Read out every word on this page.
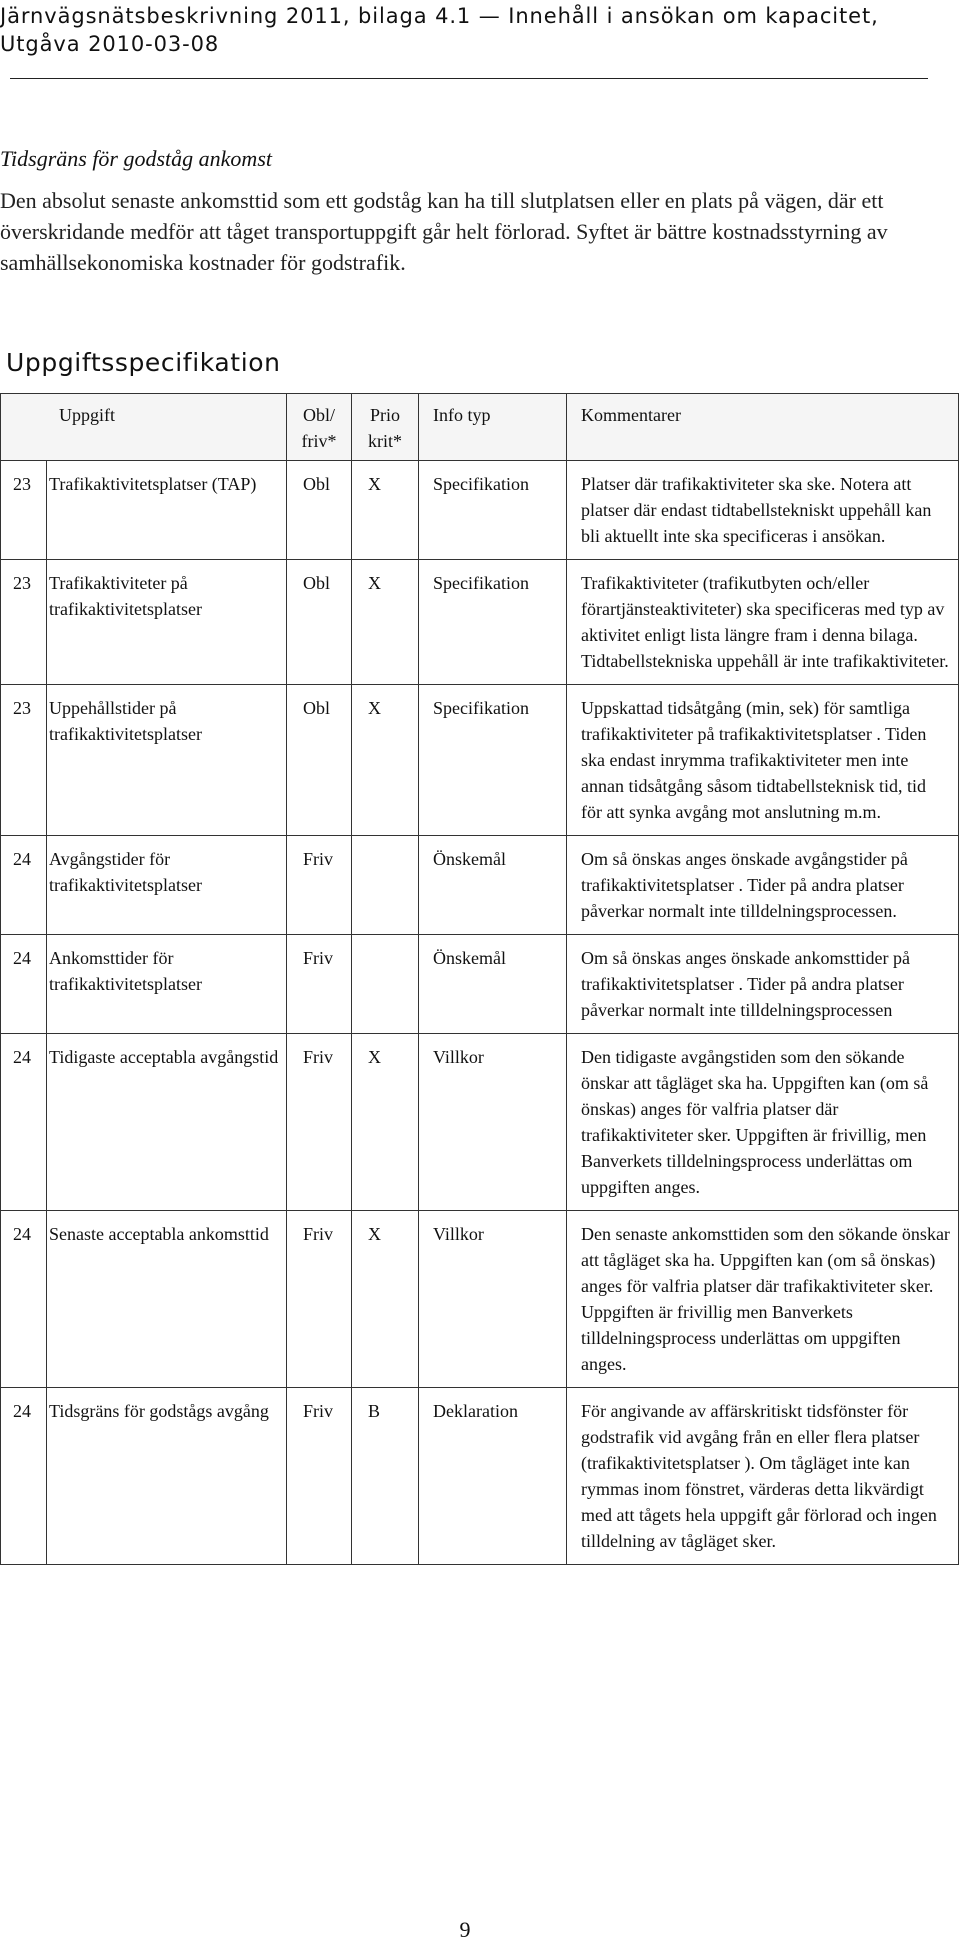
Järnvägsnätsbeskrivning 2011, bilaga 4.1 — Innehåll i ansökan om kapacitet,
Utgåva 2010-03-08
Tidsgräns för godståg ankomst
Den absolut senaste ankomsttid som ett godståg kan ha till slutplatsen eller en plats på vägen, där ett överskridande medför att tåget transportuppgift går helt förlorad. Syftet är bättre kostnadsstyrning av samhällsekonomiska kostnader för godstrafik.
Uppgiftsspecifikation
Uppgift		Obl/ friv*	Prio krit*	Info typ	Kommentarer
23	Trafikaktivitetsplatser (TAP)	Obl	X	Specifikation	Platser där trafikaktiviteter ska ske. Notera att platser där endast tidtabellstekniskt uppehåll kan bli aktuellt inte ska specificeras i ansökan.
23	Trafikaktiviteter på trafikaktivitetsplatser	Obl	X	Specifikation	Trafikaktiviteter (trafikutbyten och/eller förartjänsteaktiviteter) ska specificeras med typ av aktivitet enligt lista längre fram i denna bilaga. Tidtabellstekniska uppehåll är inte trafikaktiviteter.
23	Uppehållstider på trafikaktivitetsplatser	Obl	X	Specifikation	Uppskattad tidsåtgång (min, sek) för samtliga trafikaktiviteter på trafikaktivitetsplatser . Tiden ska endast inrymma trafikaktiviteter men inte annan tidsåtgång såsom tidtabellsteknisk tid, tid för att synka avgång mot anslutning m.m.
24	Avgångstider för trafikaktivitetsplatser	Friv		Önskemål	Om så önskas anges önskade avgångstider på trafikaktivitetsplatser . Tider på andra platser påverkar normalt inte tilldelningsprocessen.
24	Ankomsttider för trafikaktivitetsplatser	Friv		Önskemål	Om så önskas anges önskade ankomsttider på trafikaktivitetsplatser . Tider på andra platser påverkar normalt inte tilldelningsprocessen
24	Tidigaste acceptabla avgångstid	Friv	X	Villkor	Den tidigaste avgångstiden som den sökande önskar att tågläget ska ha. Uppgiften kan (om så önskas) anges för valfria platser där trafikaktiviteter sker. Uppgiften är frivillig, men Banverkets tilldelningsprocess underlättas om uppgiften anges.
24	Senaste acceptabla ankomsttid	Friv	X	Villkor	Den senaste ankomsttiden som den sökande önskar att tågläget ska ha. Uppgiften kan (om så önskas) anges för valfria platser där trafikaktiviteter sker. Uppgiften är frivillig men Banverkets tilldelningsprocess underlättas om uppgiften anges.
24	Tidsgräns för godstågs avgång	Friv	B	Deklaration	För angivande av affärskritiskt tidsfönster för godstrafik vid avgång från en eller flera platser (trafikaktivitetsplatser ). Om tågläget inte kan rymmas inom fönstret, värderas detta likvärdigt med att tågets hela uppgift går förlorad och ingen tilldelning av tågläget sker.
9
